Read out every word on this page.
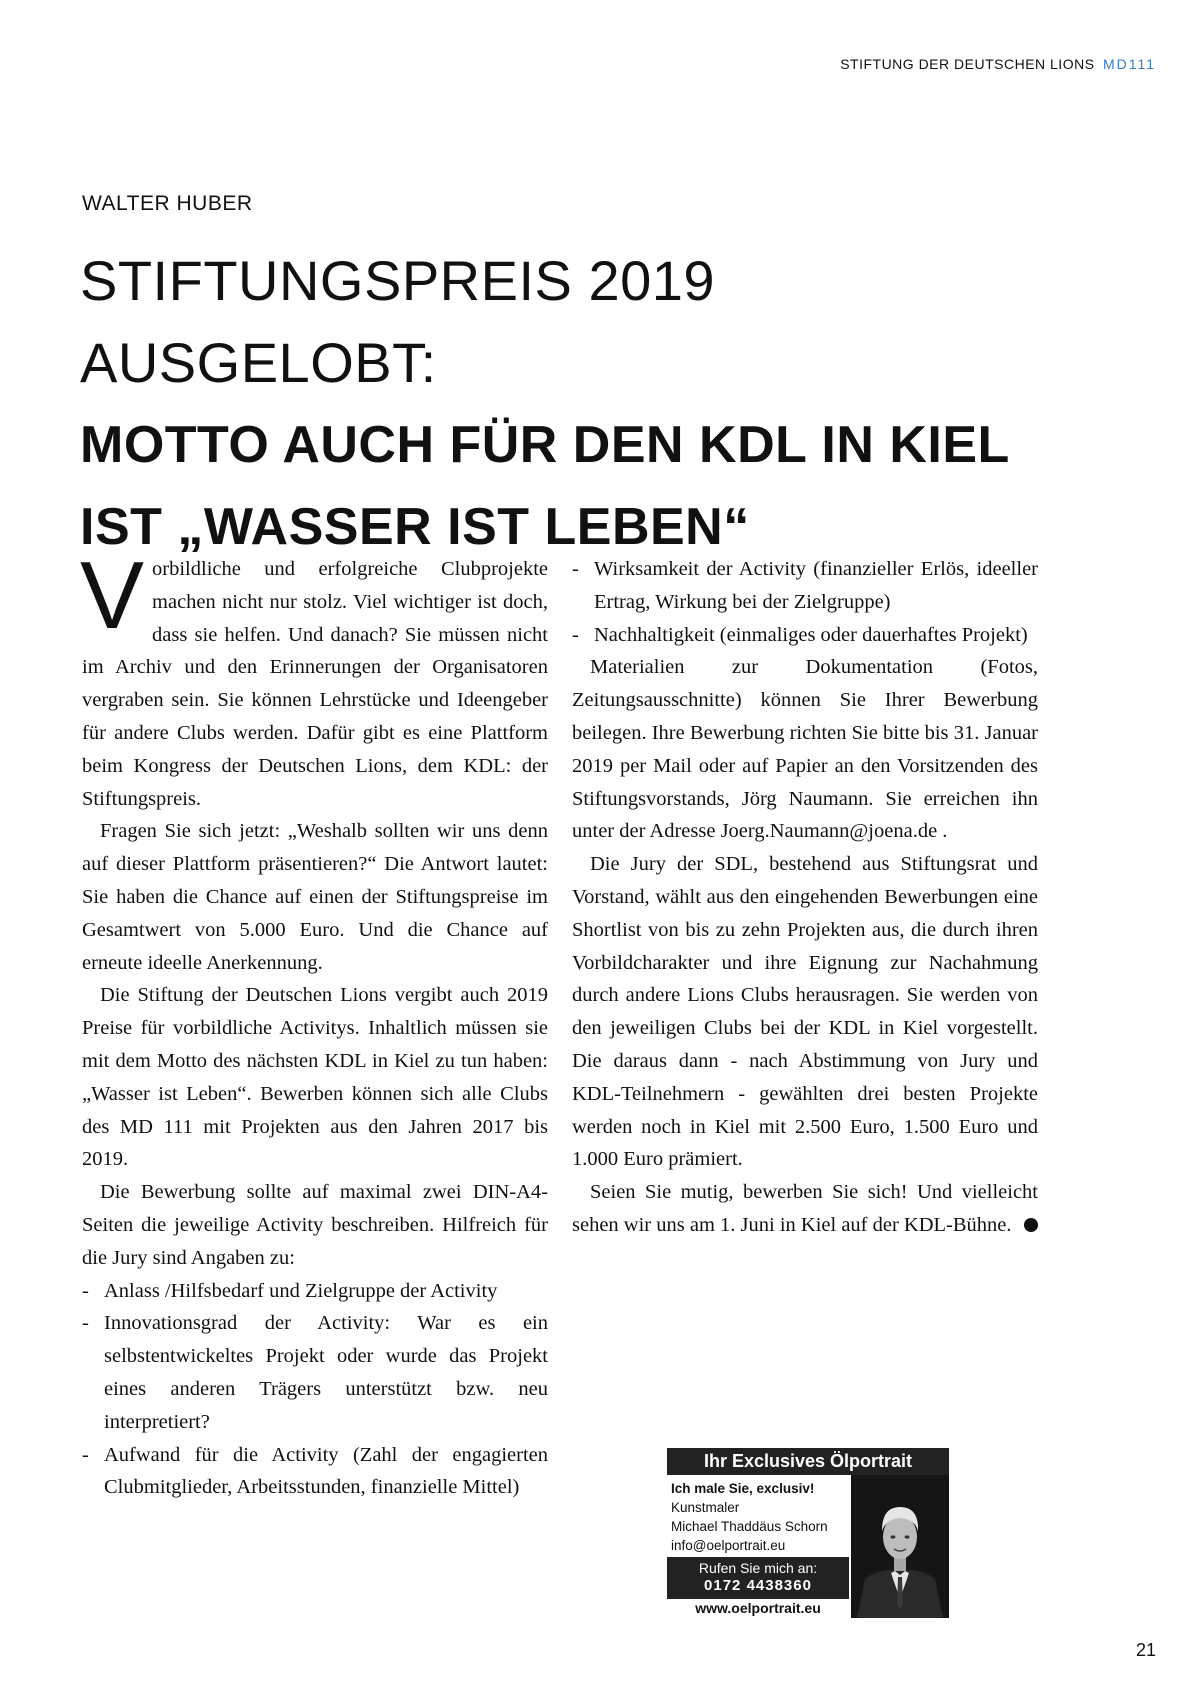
STIFTUNG DER DEUTSCHEN LIONS MD111
WALTER HUBER
STIFTUNGSPREIS 2019 AUSGELOBT:
MOTTO AUCH FÜR DEN KDL IN KIEL
IST „WASSER IST LEBEN“

Vorbildliche und erfolgreiche Clubprojekte machen nicht nur stolz. Viel wichtiger ist doch, dass sie helfen. Und danach? Sie müssen nicht im Archiv und den Erinnerungen der Organisatoren vergraben sein. Sie können Lehrstücke und Ideengeber für andere Clubs werden. Dafür gibt es eine Plattform beim Kongress der Deutschen Lions, dem KDL: der Stiftungspreis.

Fragen Sie sich jetzt: „Weshalb sollten wir uns denn auf dieser Plattform präsentieren?“ Die Antwort lautet: Sie haben die Chance auf einen der Stiftungspreise im Gesamtwert von 5.000 Euro. Und die Chance auf erneute ideelle Anerkennung.

Die Stiftung der Deutschen Lions vergibt auch 2019 Preise für vorbildliche Activitys. Inhaltlich müssen sie mit dem Motto des nächsten KDL in Kiel zu tun haben: „Wasser ist Leben“. Bewerben können sich alle Clubs des MD 111 mit Projekten aus den Jahren 2017 bis 2019.

Die Bewerbung sollte auf maximal zwei DIN-A4-Seiten die jeweilige Activity beschreiben. Hilfreich für die Jury sind Angaben zu:

- Anlass /Hilfsbedarf und Zielgruppe der Activity
- Innovationsgrad der Activity: War es ein selbstentwickeltes Projekt oder wurde das Projekt eines anderen Trägers unterstützt bzw. neu interpretiert?
- Aufwand für die Activity (Zahl der engagierten Clubmitglieder, Arbeitsstunden, finanzielle Mittel)
- Wirksamkeit der Activity (finanzieller Erlös, ideeller Ertrag, Wirkung bei der Zielgruppe)
- Nachhaltigkeit (einmaliges oder dauerhaftes Projekt)

Materialien zur Dokumentation (Fotos, Zeitungsausschnitte) können Sie Ihrer Bewerbung beilegen. Ihre Bewerbung richten Sie bitte bis 31. Januar 2019 per Mail oder auf Papier an den Vorsitzenden des Stiftungsvorstands, Jörg Naumann. Sie erreichen ihn unter der Adresse Joerg.Naumann@joena.de .

Die Jury der SDL, bestehend aus Stiftungsrat und Vorstand, wählt aus den eingehenden Bewerbungen eine Shortlist von bis zu zehn Projekten aus, die durch ihren Vorbildcharakter und ihre Eignung zur Nachahmung durch andere Lions Clubs herausragen. Sie werden von den jeweiligen Clubs bei der KDL in Kiel vorgestellt. Die daraus dann - nach Abstimmung von Jury und KDL-Teilnehmern - gewählten drei besten Projekte werden noch in Kiel mit 2.500 Euro, 1.500 Euro und 1.000 Euro prämiert.

Seien Sie mutig, bewerben Sie sich! Und vielleicht sehen wir uns am 1. Juni in Kiel auf der KDL-Bühne.	L

Ihr Exclusives Ölportrait
Ich male Sie, exclusiv!
Kunstmaler
Michael Thaddäus Schorn
info@oelportrait.eu
Rufen Sie mich an:
0172 4438360
www.oelportrait.eu
21
